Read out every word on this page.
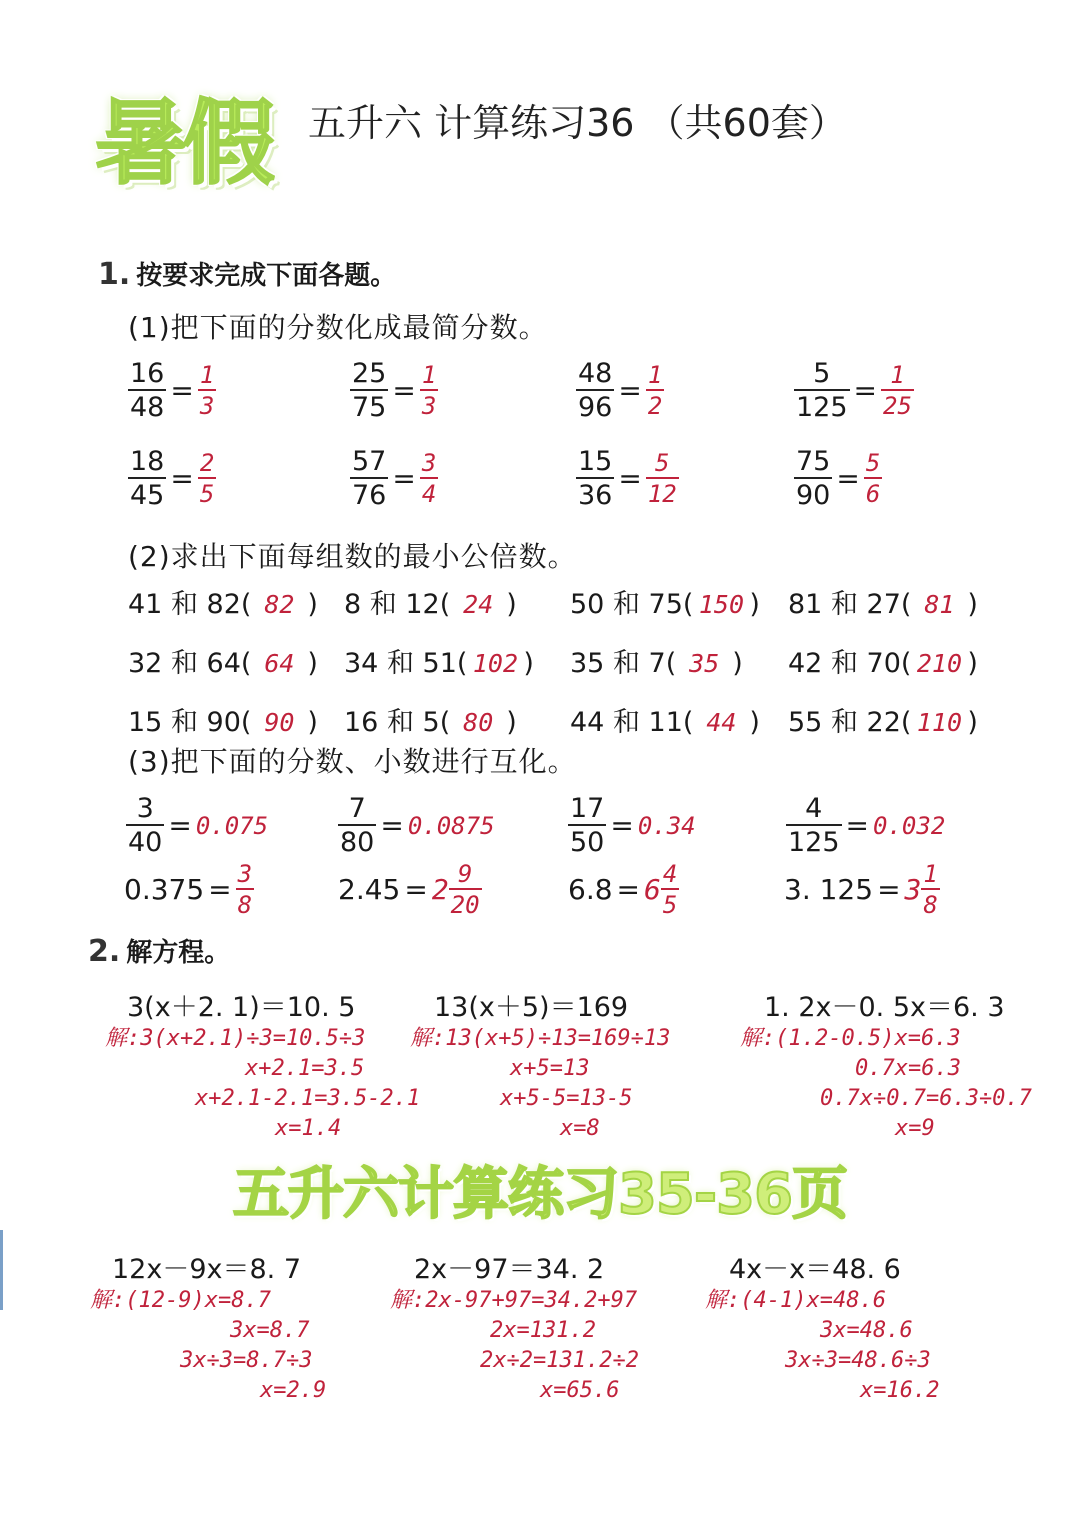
暑假 五升六 计算练习36 （共60套）
1. 按要求完成下面各题。
(1)把下面的分数化成最简分数。
$\frac{16}{48} = \frac{1}{3}$	$\frac{25}{75} = \frac{1}{3}$	$\frac{48}{96} = \frac{1}{2}$	$\frac{5}{125} = \frac{1}{25}$
$\frac{18}{45} = \frac{2}{5}$	$\frac{57}{76} = \frac{3}{4}$	$\frac{15}{36} = \frac{5}{12}$	$\frac{75}{90} = \frac{5}{6}$
(2)求出下面每组数的最小公倍数。
41 和 82( 82 ) 8 和 12( 24 )	50 和 75( 150 )	81 和 27( 81 )
32 和 64( 64 ) 34 和 51( 102 )	35 和 7( 35 )	42 和 70( 210 )
15 和 90( 90 ) 16 和 5( 80 )	44 和 11( 44 )	55 和 22( 110 )
(3)把下面的分数、小数进行互化。
$\frac{3}{40} = 0.075$	$\frac{7}{80} = 0.0875$	$\frac{17}{50} = 0.34$	$\frac{4}{125} = 0.032$
$0.375 = \frac{3}{8}$	$2.45 = 2 \frac{9}{20}$	$6.8 = 6 \frac{4}{5}$	3. $125 = 3 \frac{1}{8}$
2. 解方程。
3(x＋2. 1)＝10. 5
解:3(x+2.1)÷3=10.5÷3
x+2.1=3.5
x+2.1-2.1=3.5-2.1
x=1.4
13(x＋5)＝169
解:13(x+5)÷13=169÷13
x+5=13
x+5-5=13-5
x=8
1. 2x－0. 5x＝6. 3
解:(1.2-0.5)x=6.3
0.7x=6.3
0.7x÷0.7=6.3÷0.7
x=9
五升六计算练习35-36页
12x－9x＝8. 7
解:(12-9)x=8.7
3x=8.7
3x÷3=8.7÷3
x=2.9
2x－97＝34. 2
解:2x-97+97=34.2+97
2x=131.2
2x÷2=131.2÷2
x=65.6
4x－x＝48. 6
解:(4-1)x=48.6
3x=48.6
3x÷3=48.6÷3
x=16.2
